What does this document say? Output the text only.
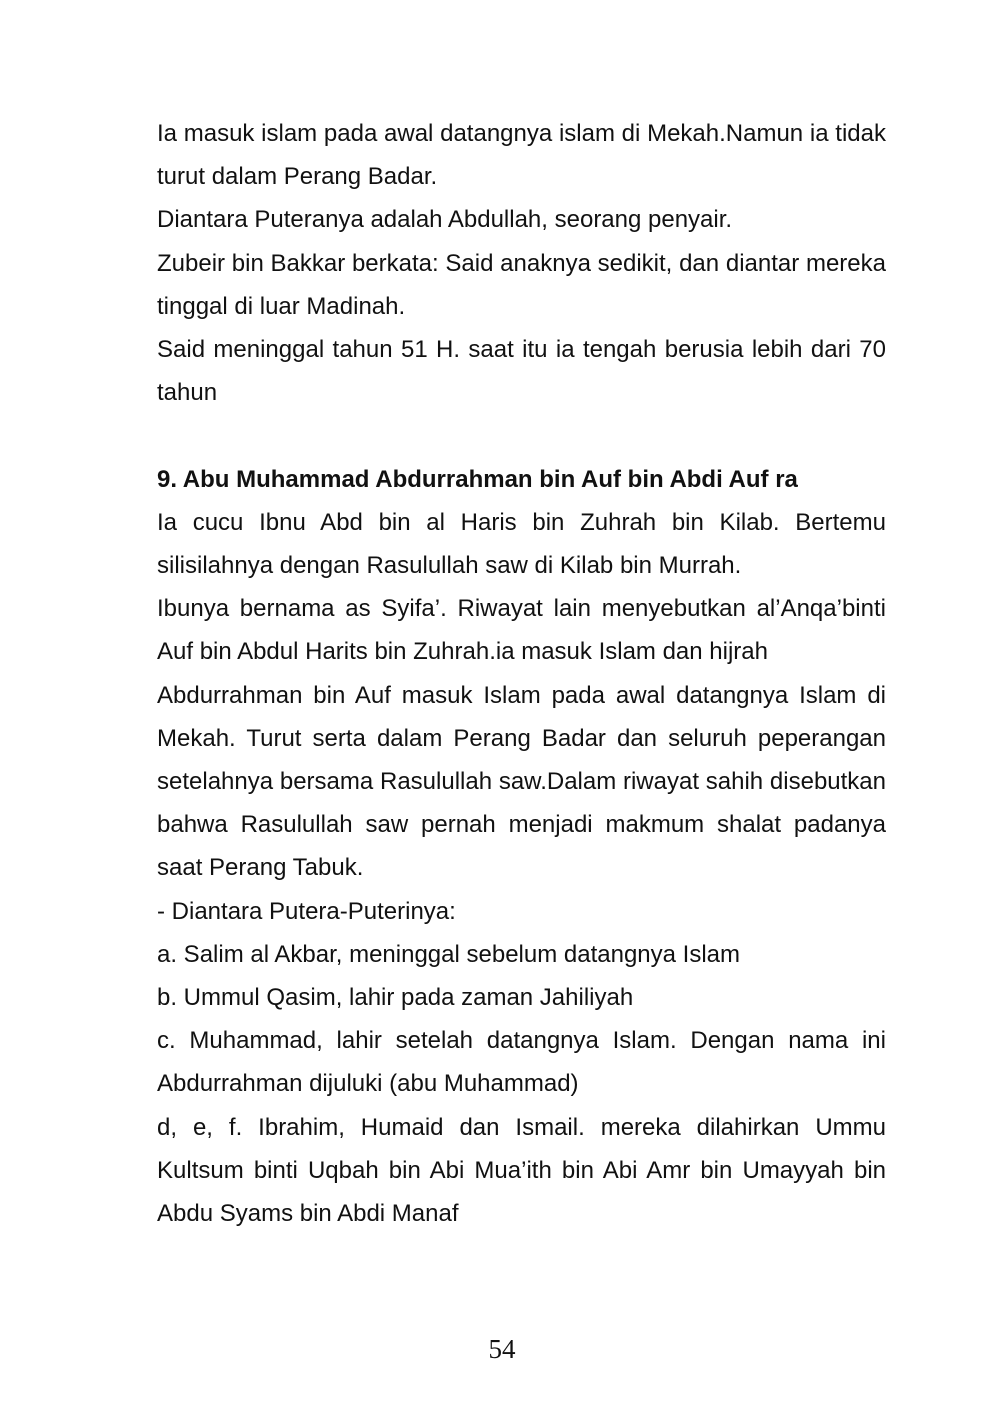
Ia masuk islam pada awal datangnya islam di Mekah.Namun ia tidak turut dalam Perang Badar.

Diantara Puteranya adalah Abdullah, seorang penyair.

Zubeir bin Bakkar berkata: Said anaknya sedikit, dan diantar mereka tinggal di luar Madinah.

Said meninggal tahun 51 H. saat itu ia tengah berusia lebih dari 70 tahun

9. Abu Muhammad Abdurrahman bin Auf bin Abdi Auf ra

Ia cucu Ibnu Abd bin al Haris bin Zuhrah bin Kilab. Bertemu silisilahnya dengan Rasulullah saw di Kilab bin Murrah.

Ibunya bernama as Syifa’. Riwayat lain menyebutkan al’Anqa’binti Auf bin Abdul Harits bin Zuhrah.ia masuk Islam dan hijrah

Abdurrahman bin Auf masuk Islam pada awal datangnya Islam di Mekah. Turut serta dalam Perang Badar dan seluruh peperangan setelahnya bersama Rasulullah saw.Dalam riwayat sahih disebutkan bahwa Rasulullah saw pernah menjadi makmum shalat padanya saat Perang Tabuk.

- Diantara Putera-Puterinya:

a. Salim al Akbar, meninggal sebelum datangnya Islam

b. Ummul Qasim, lahir pada zaman Jahiliyah

c. Muhammad, lahir setelah datangnya Islam. Dengan nama ini Abdurrahman dijuluki (abu Muhammad)

d, e, f. Ibrahim, Humaid dan Ismail. mereka dilahirkan Ummu Kultsum binti Uqbah bin Abi Mua’ith bin Abi Amr bin Umayyah bin Abdu Syams bin Abdi Manaf

54
